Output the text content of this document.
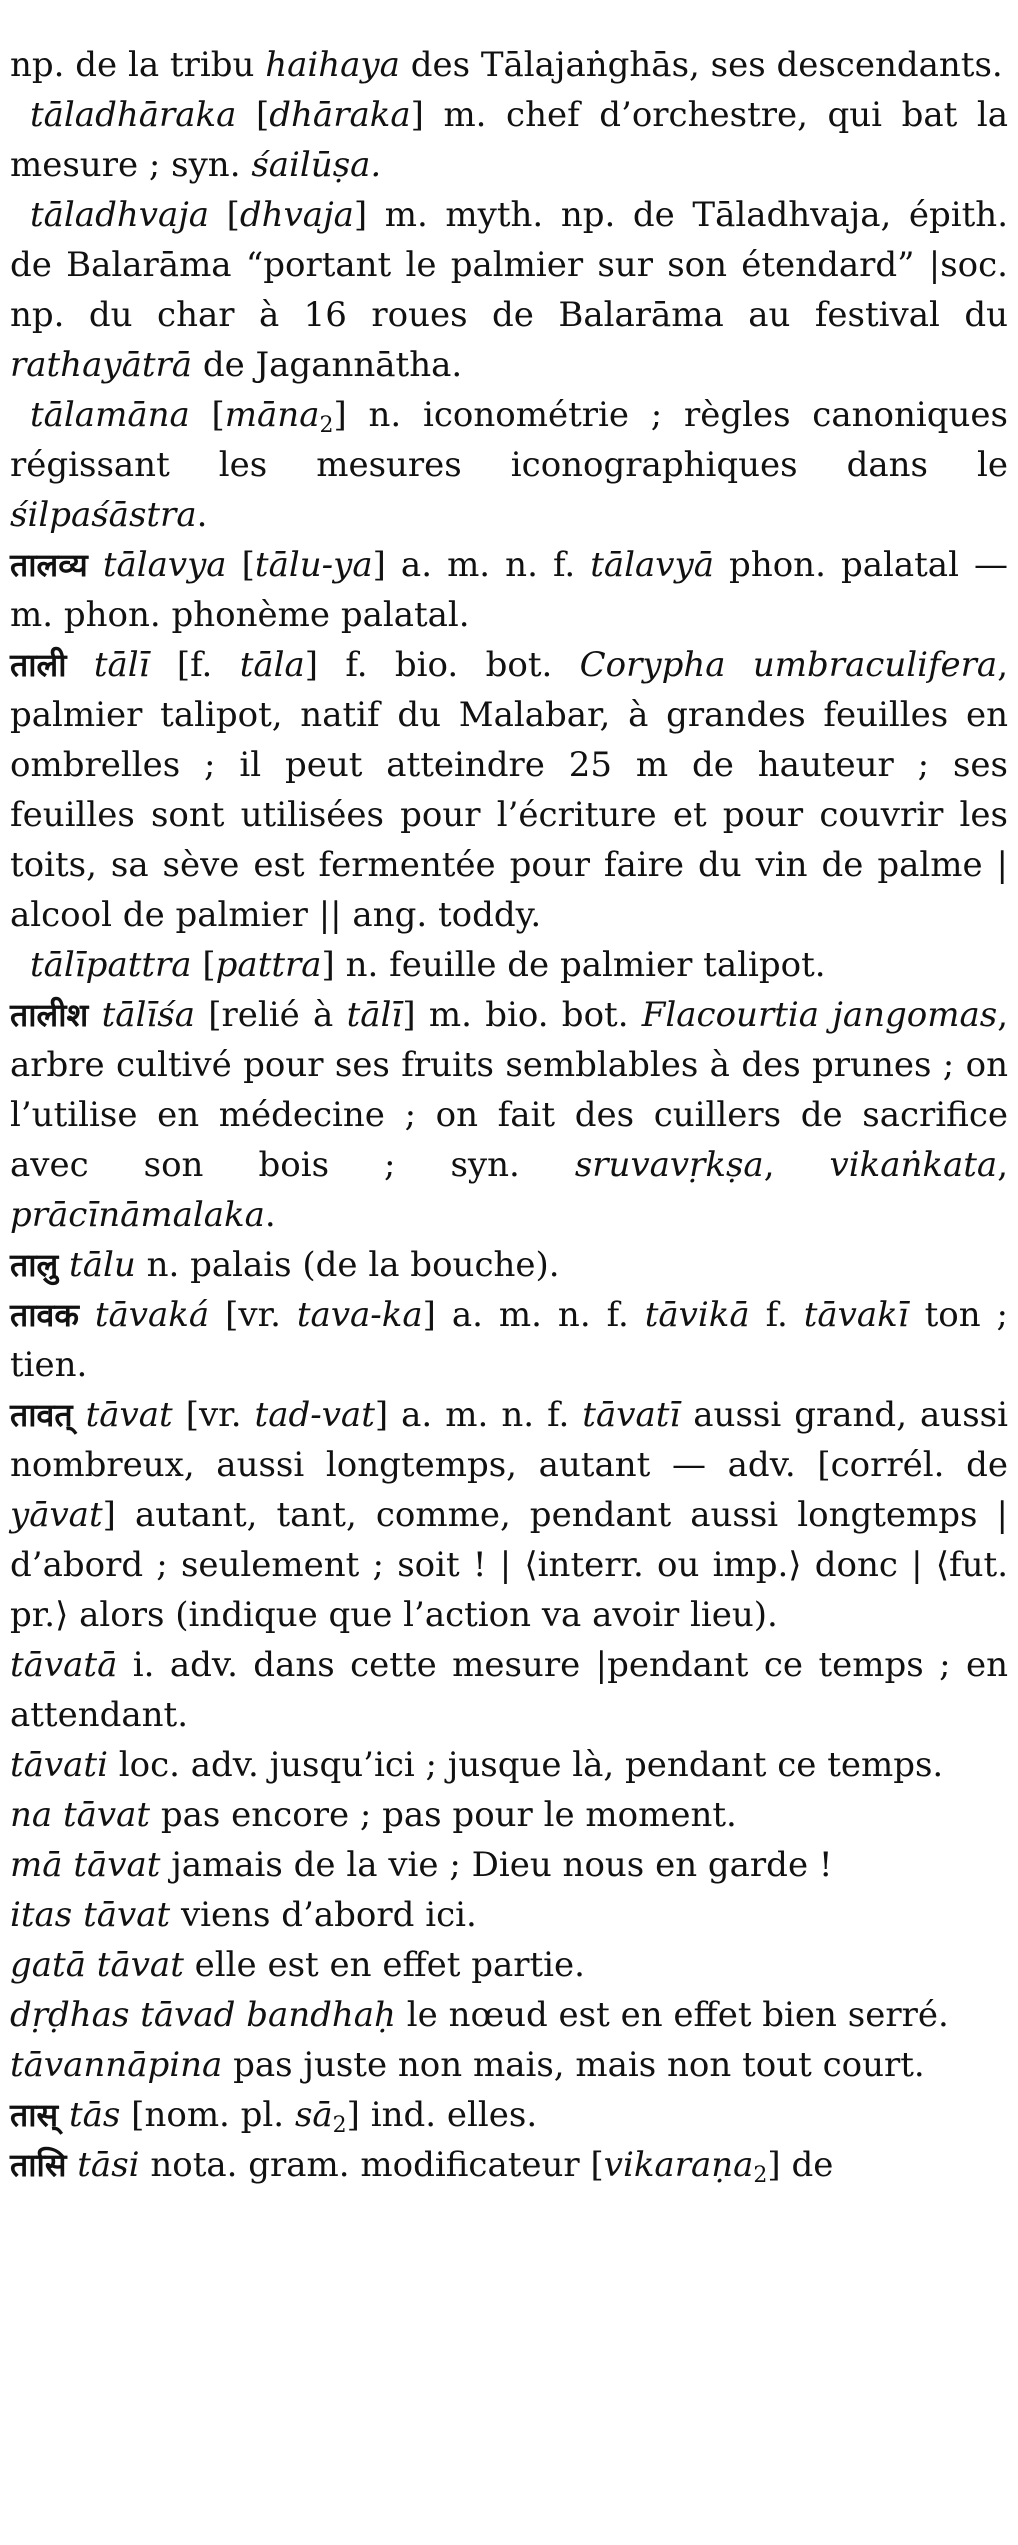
np. de la tribu haihaya des Tālajaṅghās, ses descendants.

tāladhāraka [dhāraka] m. chef d’orchestre, qui bat la mesure ; syn. śailūṣa.

tāladhvaja [dhvaja] m. myth. np. de Tāladhvaja, épith. de Balarāma “portant le palmier sur son étendard” |soc. np. du char à 16 roues de Balarāma au festival du rathayātrā de Jagannātha.

tālamāna [māna$_2$] n. iconométrie ; règles canoniques régissant les mesures iconographiques dans le śilpaśāstra.

तालव्य tālavya [tālu-ya] a. m. n. f. tālavyā phon. palatal — m. phon. phonème palatal.

ताली tālī [f. tāla] f. bio. bot. Corypha umbraculifera, palmier talipot, natif du Malabar, à grandes feuilles en ombrelles ; il peut atteindre 25 m de hauteur ; ses feuilles sont utilisées pour l’écriture et pour couvrir les toits, sa sève est fermentée pour faire du vin de palme | alcool de palmier || ang. toddy.

tālīpattra [pattra] n. feuille de palmier talipot.

तालीश tālīśa [relié à tālī] m. bio. bot. Flacourtia jangomas, arbre cultivé pour ses fruits semblables à des prunes ; on l’utilise en médecine ; on fait des cuillers de sacrifice avec son bois ; syn. sruvavṛkṣa, vikaṅkata, prācīnāmalaka.

तालु tālu n. palais (de la bouche).

तावक tāvaká [vr. tava-ka] a. m. n. f. tāvikā f. tāvakī ton ; tien.

तावत् tāvat [vr. tad-vat] a. m. n. f. tāvatī aussi grand, aussi nombreux, aussi longtemps, autant — adv. [corrél. de yāvat] autant, tant, comme, pendant aussi longtemps | d’abord ; seulement ; soit ! | ⟨interr. ou imp.⟩ donc | ⟨fut. pr.⟩ alors (indique que l’action va avoir lieu).

tāvatā i. adv. dans cette mesure |pendant ce temps ; en attendant.

tāvati loc. adv. jusqu’ici ; jusque là, pendant ce temps.

na tāvat pas encore ; pas pour le moment.

mā tāvat jamais de la vie ; Dieu nous en garde !

itas tāvat viens d’abord ici.

gatā tāvat elle est en effet partie.

dṛḍhas tāvad bandhaḥ le nœud est en effet bien serré.

tāvannāpina pas juste non mais, mais non tout court.

तास् tās [nom. pl. $sā_2$] ind. elles.

तासि tāsi nota. gram. modificateur [vikaraṇa$_2$] de
